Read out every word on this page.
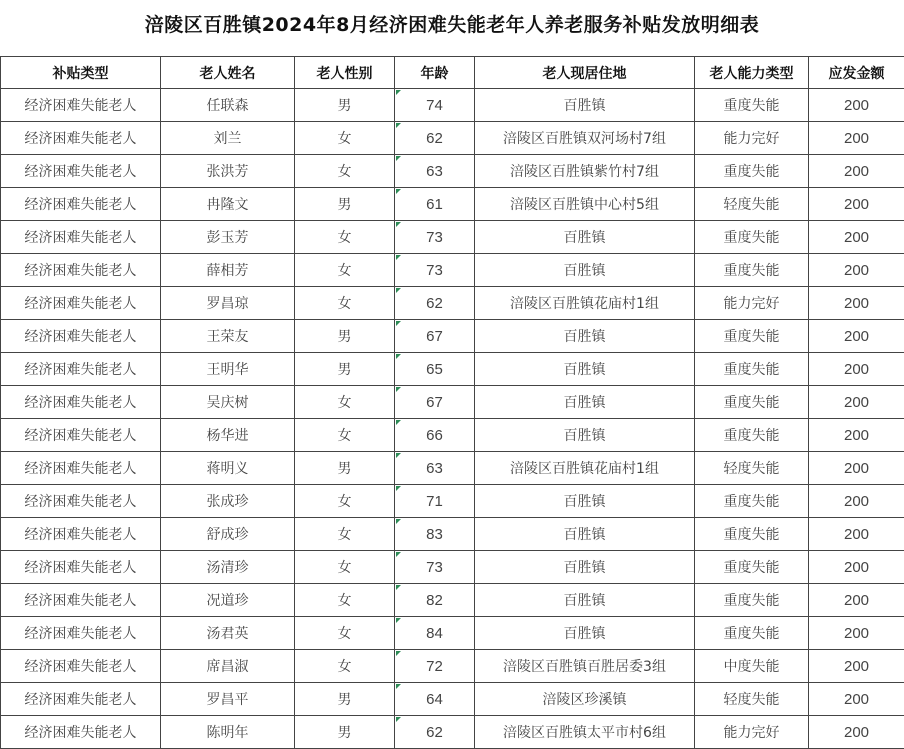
涪陵区百胜镇2024年8月经济困难失能老年人养老服务补贴发放明细表
补贴类型	老人姓名	老人性别	年龄	老人现居住地	老人能力类型	应发金额
经济困难失能老人	任联森	男	74	百胜镇	重度失能	200
经济困难失能老人	刘兰	女	62	涪陵区百胜镇双河场村7组	能力完好	200
经济困难失能老人	张洪芳	女	63	涪陵区百胜镇紫竹村7组	重度失能	200
经济困难失能老人	冉隆文	男	61	涪陵区百胜镇中心村5组	轻度失能	200
经济困难失能老人	彭玉芳	女	73	百胜镇	重度失能	200
经济困难失能老人	薛相芳	女	73	百胜镇	重度失能	200
经济困难失能老人	罗昌琼	女	62	涪陵区百胜镇花庙村1组	能力完好	200
经济困难失能老人	王荣友	男	67	百胜镇	重度失能	200
经济困难失能老人	王明华	男	65	百胜镇	重度失能	200
经济困难失能老人	吴庆树	女	67	百胜镇	重度失能	200
经济困难失能老人	杨华进	女	66	百胜镇	重度失能	200
经济困难失能老人	蒋明义	男	63	涪陵区百胜镇花庙村1组	轻度失能	200
经济困难失能老人	张成珍	女	71	百胜镇	重度失能	200
经济困难失能老人	舒成珍	女	83	百胜镇	重度失能	200
经济困难失能老人	汤清珍	女	73	百胜镇	重度失能	200
经济困难失能老人	况道珍	女	82	百胜镇	重度失能	200
经济困难失能老人	汤君英	女	84	百胜镇	重度失能	200
经济困难失能老人	席昌淑	女	72	涪陵区百胜镇百胜居委3组	中度失能	200
经济困难失能老人	罗昌平	男	64	涪陵区珍溪镇	轻度失能	200
经济困难失能老人	陈明年	男	62	涪陵区百胜镇太平市村6组	能力完好	200
